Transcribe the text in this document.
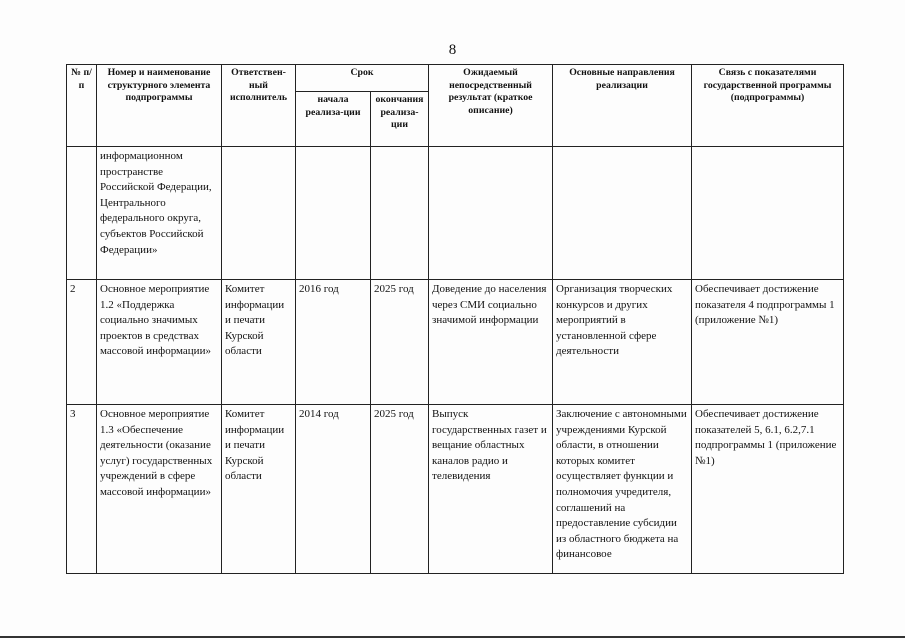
8
№ п/п	Номер и наименование структурного элемента подпрограммы	Ответствен-ный исполнитель	Срок		Ожидаемый непосредственный результат (краткое описание)	Основные направления реализации	Связь с показателями государственной программы (подпрограммы)
			начала реализа-ции	окончания реализа-ции			
	информационном пространстве Российской Федерации, Центрального федерального округа, субъектов Российской Федерации»						
2	Основное мероприятие 1.2 «Поддержка социально значимых проектов в средствах массовой информации»	Комитет информации и печати Курской области	2016 год	2025 год	Доведение до населения через СМИ социально значимой информации	Организация творческих конкурсов и других мероприятий в установленной сфере деятельности	Обеспечивает достижение показателя 4 подпрограммы 1 (приложение №1)
3	Основное мероприятие 1.3 «Обеспечение деятельности (оказание услуг) государственных учреждений в сфере массовой информации»	Комитет информации и печати Курской области	2014 год	2025 год	Выпуск государственных газет и вещание областных каналов радио и телевидения	Заключение с автономными учреждениями Курской области, в отношении которых комитет осуществляет функции и полномочия учредителя, соглашений на предоставление субсидии из областного бюджета на финансовое	Обеспечивает достижение показателей 5, 6.1, 6.2,7.1 подпрограммы 1 (приложение №1)
